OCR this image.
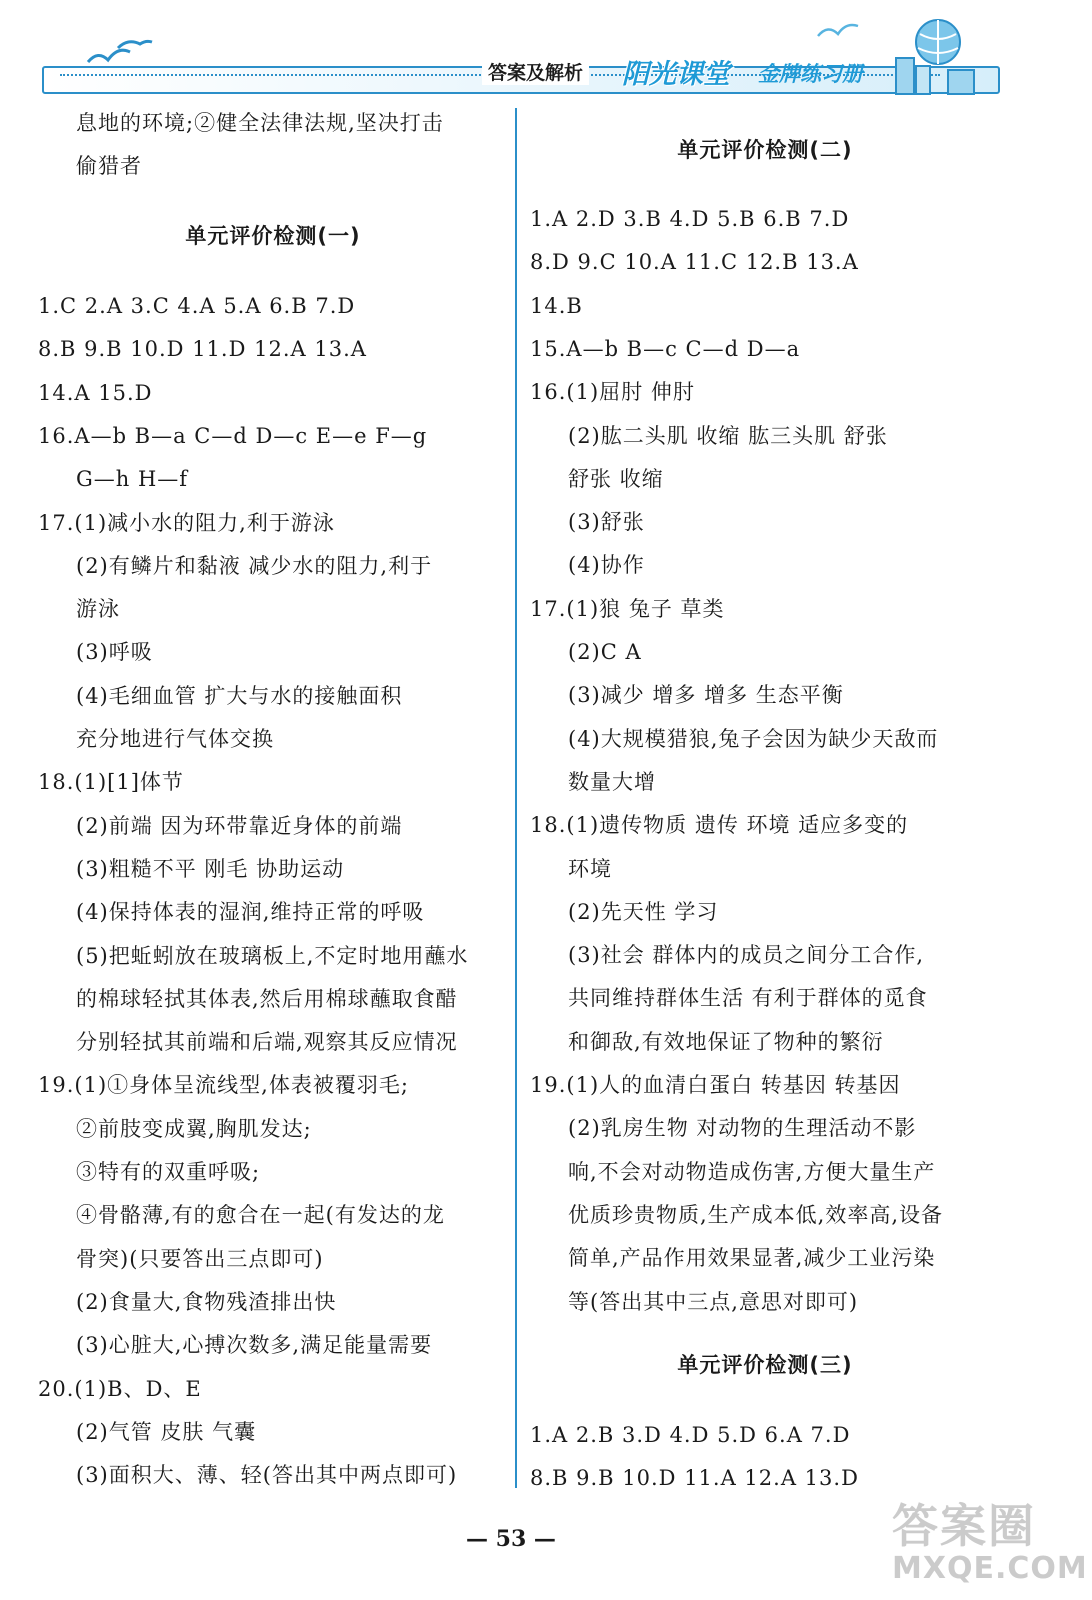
答案及解析 阳光课堂 金牌练习册
息地的环境;②健全法律法规,坚决打击
偷猎者
单元评价检测(一)
1.C 2.A 3.C 4.A 5.A 6.B 7.D
8.B 9.B 10.D 11.D 12.A 13.A
14.A 15.D
16.A—b B—a C—d D—c E—e F—g
G—h H—f
17.(1)减小水的阻力,利于游泳
(2)有鳞片和黏液 减少水的阻力,利于
游泳
(3)呼吸
(4)毛细血管 扩大与水的接触面积
充分地进行气体交换
18.(1)[1]体节
(2)前端 因为环带靠近身体的前端
(3)粗糙不平 刚毛 协助运动
(4)保持体表的湿润,维持正常的呼吸
(5)把蚯蚓放在玻璃板上,不定时地用蘸水
的棉球轻拭其体表,然后用棉球蘸取食醋
分别轻拭其前端和后端,观察其反应情况
19.(1)①身体呈流线型,体表被覆羽毛;
②前肢变成翼,胸肌发达;
③特有的双重呼吸;
④骨骼薄,有的愈合在一起(有发达的龙
骨突)(只要答出三点即可)
(2)食量大,食物残渣排出快
(3)心脏大,心搏次数多,满足能量需要
20.(1)B、D、E
(2)气管 皮肤 气囊
(3)面积大、薄、轻(答出其中两点即可)
单元评价检测(二)
1.A 2.D 3.B 4.D 5.B 6.B 7.D
8.D 9.C 10.A 11.C 12.B 13.A
14.B
15.A—b B—c C—d D—a
16.(1)屈肘 伸肘
(2)肱二头肌 收缩 肱三头肌 舒张
舒张 收缩
(3)舒张
(4)协作
17.(1)狼 兔子 草类
(2)C A
(3)减少 增多 增多 生态平衡
(4)大规模猎狼,兔子会因为缺少天敌而
数量大增
18.(1)遗传物质 遗传 环境 适应多变的
环境
(2)先天性 学习
(3)社会 群体内的成员之间分工合作,
共同维持群体生活 有利于群体的觅食
和御敌,有效地保证了物种的繁衍
19.(1)人的血清白蛋白 转基因 转基因
(2)乳房生物 对动物的生理活动不影
响,不会对动物造成伤害,方便大量生产
优质珍贵物质,生产成本低,效率高,设备
简单,产品作用效果显著,减少工业污染
等(答出其中三点,意思对即可)
单元评价检测(三)
1.A 2.B 3.D 4.D 5.D 6.A 7.D
8.B 9.B 10.D 11.A 12.A 13.D
— 53 —	答案圈
MXQE.COM
